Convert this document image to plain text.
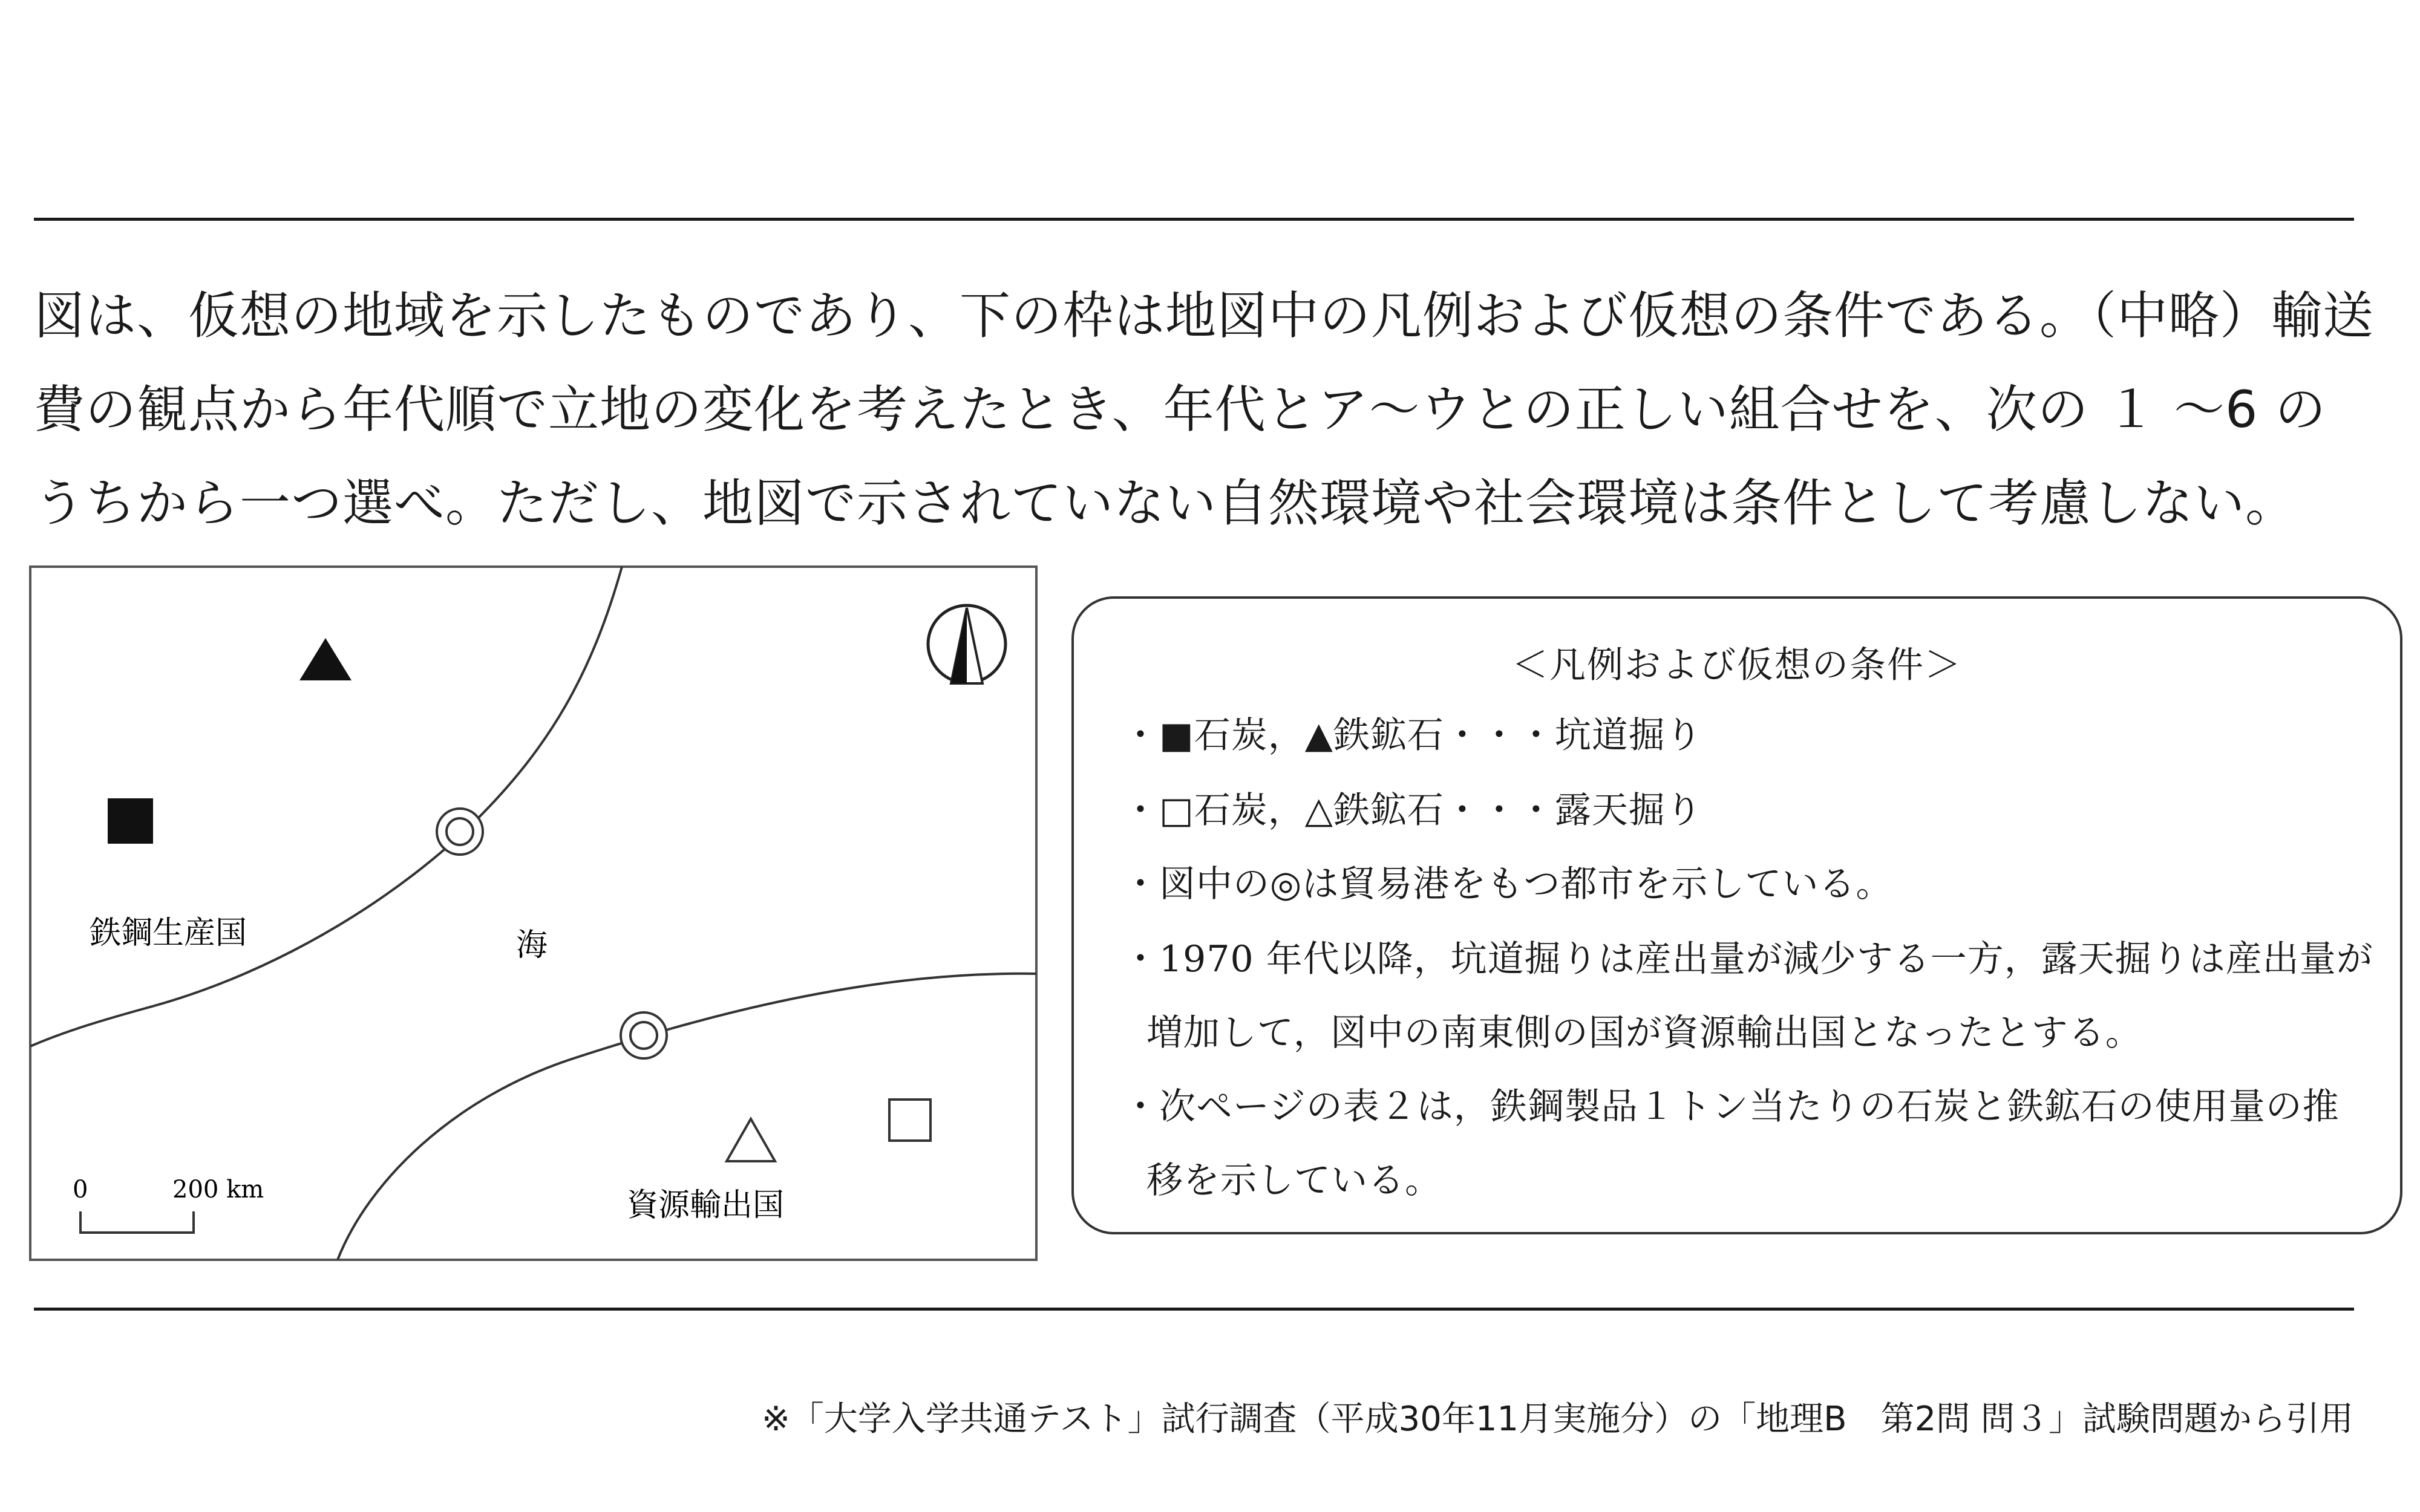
図は、仮想の地域を示したものであり、下の枠は地図中の凡例および仮想の条件である。（中略）輸送

費の観点から年代順で立地の変化を考えたとき、年代とア〜ウとの正しい組合せを、次の １ 〜6 の

うちから一つ選べ。ただし、地図で示されていない自然環境や社会環境は条件として考慮しない。

鉄鋼生産国	海
資源輸出国
0	200 km
＜凡例および仮想の条件＞
・■石炭，▲鉄鉱石・・・坑道掘り
・□石炭，△鉄鉱石・・・露天掘り
・図中の◎は貿易港をもつ都市を示している。
・1970 年代以降，坑道掘りは産出量が減少する一方，露天掘りは産出量が
増加して，図中の南東側の国が資源輸出国となったとする。
・次ページの表２は，鉄鋼製品１トン当たりの石炭と鉄鉱石の使用量の推
移を示している。
※「大学入学共通テスト」試行調査（平成30年11月実施分）の「地理B　第2問 問３」試験問題から引用
